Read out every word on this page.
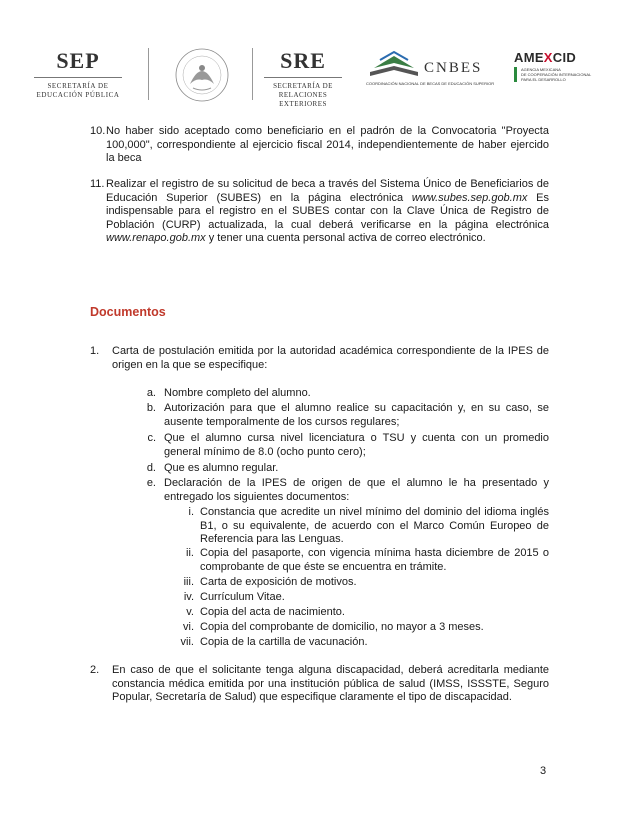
SEP
SECRETARÍA DE
EDUCACIÓN PÚBLICA
SRE
SECRETARÍA DE
RELACIONES EXTERIORES
CNBES
COORDINACIÓN NACIONAL DE BECAS DE EDUCACIÓN SUPERIOR
AMEXCID
AGENCIA MEXICANA
DE COOPERACIÓN INTERNACIONAL
PARA EL DESARROLLO
10. No haber sido aceptado como beneficiario en el padrón de la Convocatoria "Proyecta 100,000", correspondiente al ejercicio fiscal 2014, independientemente de haber ejercido la beca
11. Realizar el registro de su solicitud de beca a través del Sistema Único de Beneficiarios de Educación Superior (SUBES) en la página electrónica www.subes.sep.gob.mx Es indispensable para el registro en el SUBES contar con la Clave Única de Registro de Población (CURP) actualizada, la cual deberá verificarse en la página electrónica www.renapo.gob.mx y tener una cuenta personal activa de correo electrónico.
Documentos
1. Carta de postulación emitida por la autoridad académica correspondiente de la IPES de origen en la que se especifique:
a. Nombre completo del alumno.
b. Autorización para que el alumno realice su capacitación y, en su caso, se ausente temporalmente de los cursos regulares;
c. Que el alumno cursa nivel licenciatura o TSU y cuenta con un promedio general mínimo de 8.0 (ocho punto cero);
d. Que es alumno regular.
e. Declaración de la IPES de origen de que el alumno le ha presentado y entregado los siguientes documentos:
i. Constancia que acredite un nivel mínimo del dominio del idioma inglés B1, o su equivalente, de acuerdo con el Marco Común Europeo de Referencia para las Lenguas.
ii. Copia del pasaporte, con vigencia mínima hasta diciembre de 2015 o comprobante de que éste se encuentra en trámite.
iii. Carta de exposición de motivos.
iv. Currículum Vitae.
v. Copia del acta de nacimiento.
vi. Copia del comprobante de domicilio, no mayor a 3 meses.
vii. Copia de la cartilla de vacunación.
2. En caso de que el solicitante tenga alguna discapacidad, deberá acreditarla mediante constancia médica emitida por una institución pública de salud (IMSS, ISSSTE, Seguro Popular, Secretaría de Salud) que especifique claramente el tipo de discapacidad.
3
